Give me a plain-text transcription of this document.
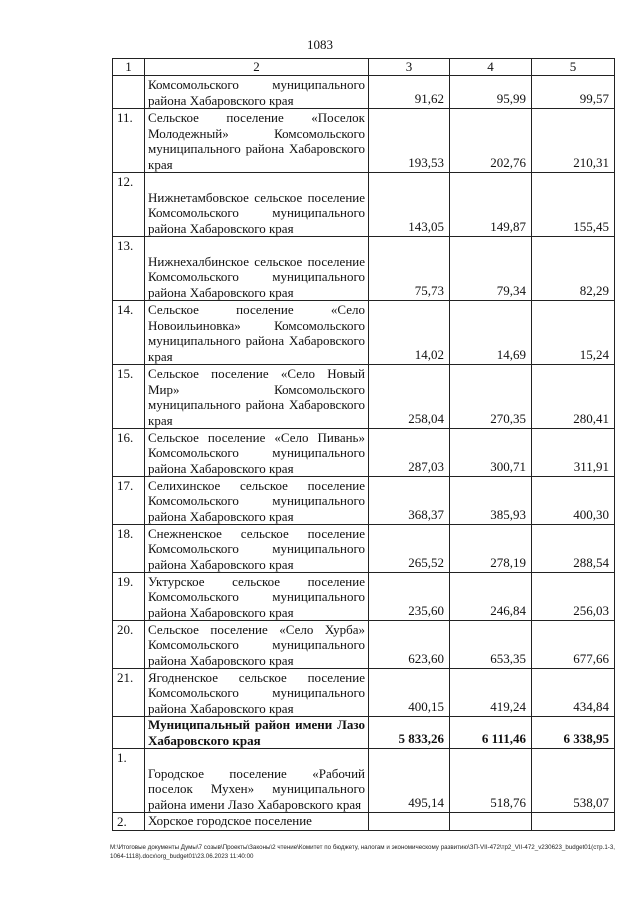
1083
1	2	3	4	5
	Комсомольского муниципального района Хабаровского края	91,62	95,99	99,57
11.	Сельское поселение «Поселок Молодежный» Комсомольского муниципального района Хабаровского края	193,53	202,76	210,31
12.	Нижнетамбовское сельское поселение Комсомольского муниципального района Хабаровского края	143,05	149,87	155,45
13.	Нижнехалбинское сельское поселение Комсомольского муниципального района Хабаровского края	75,73	79,34	82,29
14.	Сельское поселение «Село Новоильиновка» Комсомольского муниципального района Хабаровского края	14,02	14,69	15,24
15.	Сельское поселение «Село Новый Мир» Комсомольского муниципального района Хабаровского края	258,04	270,35	280,41
16.	Сельское поселение «Село Пивань» Комсомольского муниципального района Хабаровского края	287,03	300,71	311,91
17.	Селихинское сельское поселение Комсомольского муниципального района Хабаровского края	368,37	385,93	400,30
18.	Снежненское сельское поселение Комсомольского муниципального района Хабаровского края	265,52	278,19	288,54
19.	Уктурское сельское поселение Комсомольского муниципального района Хабаровского края	235,60	246,84	256,03
20.	Сельское поселение «Село Хурба» Комсомольского муниципального района Хабаровского края	623,60	653,35	677,66
21.	Ягодненское сельское поселение Комсомольского муниципального района Хабаровского края	400,15	419,24	434,84
	Муниципальный район имени Лазо Хабаровского края	5 833,26	6 111,46	6 338,95
1.	Городское поселение «Рабочий поселок Мухен» муниципального района имени Лазо Хабаровского края	495,14	518,76	538,07
2.	Хорское городское поселение			
M:\Итоговые документы Думы\7 созыв\Проекты\Законы\2 чтение\Комитет по бюджету, налогам и экономическому развитию\ЗП-VII-472\тр2_VII-472_v230623_budget01(стр.1-3, 1064-1118).docx\org_budget01\23.06.2023 11:40:00
